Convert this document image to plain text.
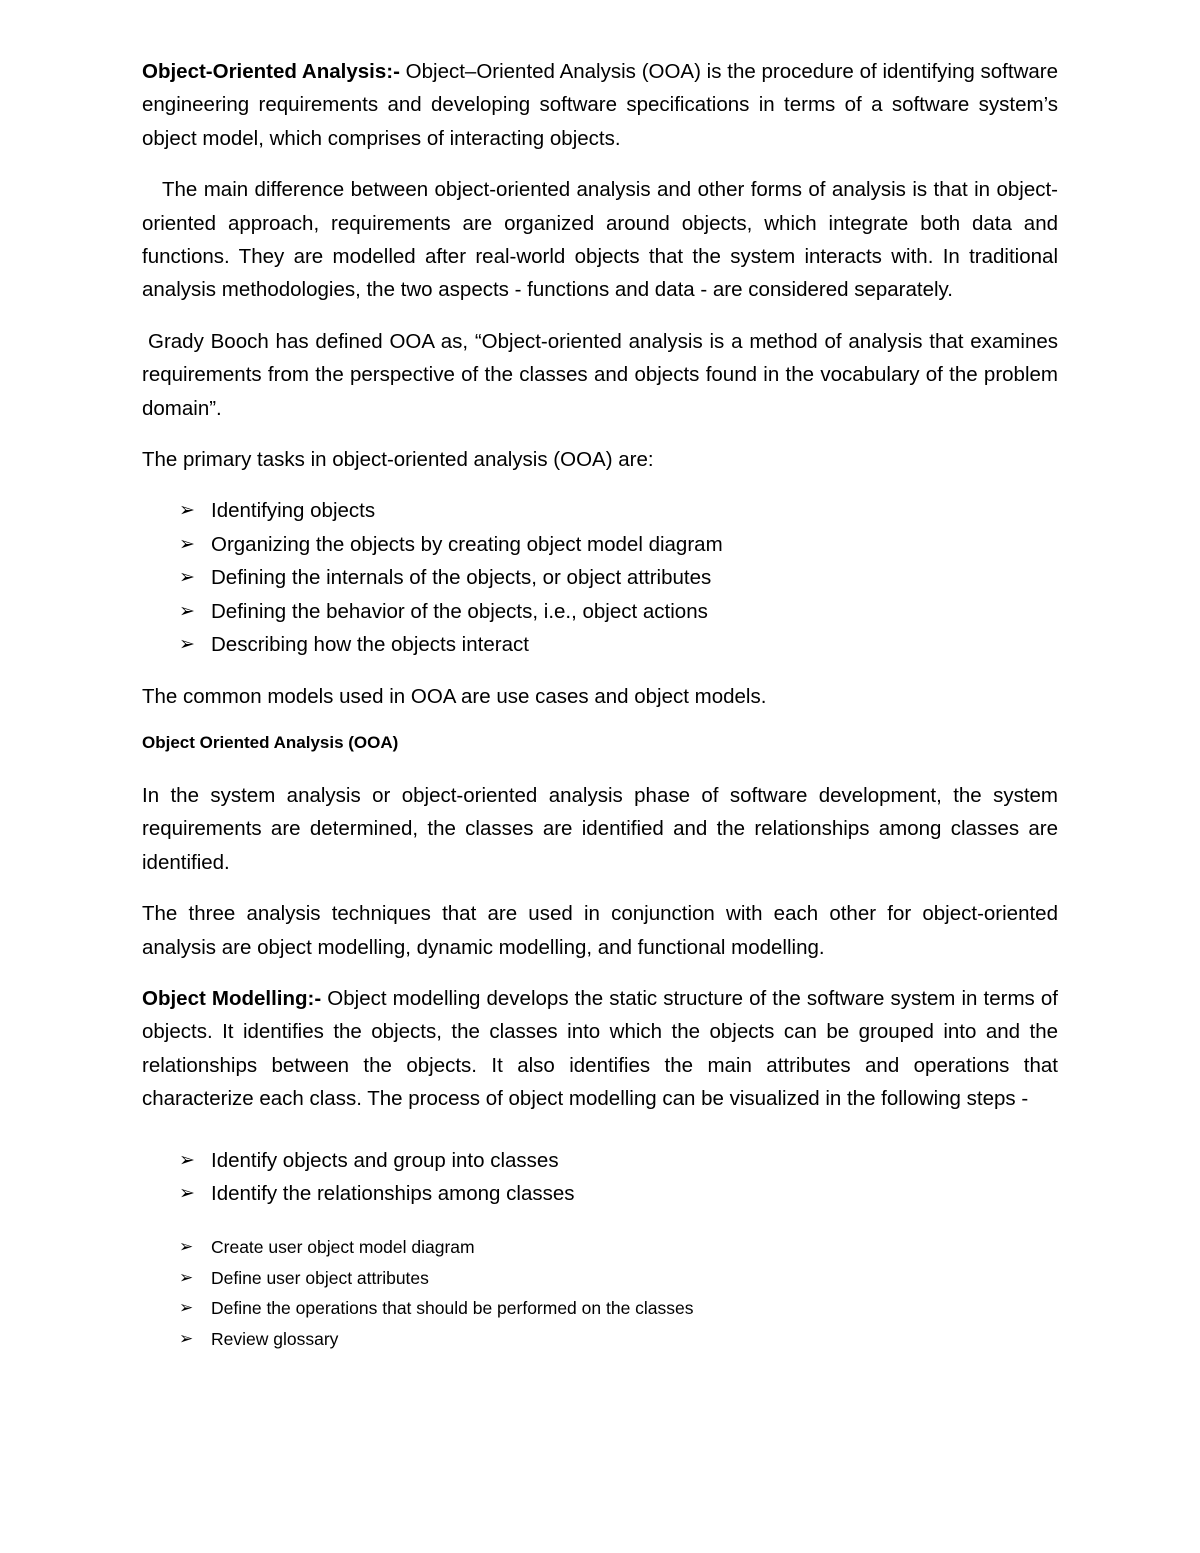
Object-Oriented Analysis:- Object–Oriented Analysis (OOA) is the procedure of identifying software engineering requirements and developing software specifications in terms of a software system’s object model, which comprises of interacting objects.

The main difference between object-oriented analysis and other forms of analysis is that in object-oriented approach, requirements are organized around objects, which integrate both data and functions. They are modelled after real-world objects that the system interacts with. In traditional analysis methodologies, the two aspects - functions and data - are considered separately.

Grady Booch has defined OOA as, “Object-oriented analysis is a method of analysis that examines requirements from the perspective of the classes and objects found in the vocabulary of the problem domain”.

The primary tasks in object-oriented analysis (OOA) are:

➢ Identifying objects
➢ Organizing the objects by creating object model diagram
➢ Defining the internals of the objects, or object attributes
➢ Defining the behavior of the objects, i.e., object actions
➢ Describing how the objects interact

The common models used in OOA are use cases and object models.

Object Oriented Analysis (OOA)

In the system analysis or object-oriented analysis phase of software development, the system requirements are determined, the classes are identified and the relationships among classes are identified.

The three analysis techniques that are used in conjunction with each other for object-oriented analysis are object modelling, dynamic modelling, and functional modelling.

Object Modelling:- Object modelling develops the static structure of the software system in terms of objects. It identifies the objects, the classes into which the objects can be grouped into and the relationships between the objects. It also identifies the main attributes and operations that characterize each class. The process of object modelling can be visualized in the following steps -

➢ Identify objects and group into classes
➢ Identify the relationships among classes
➢ Create user object model diagram
➢ Define user object attributes
➢ Define the operations that should be performed on the classes
➢ Review glossary
